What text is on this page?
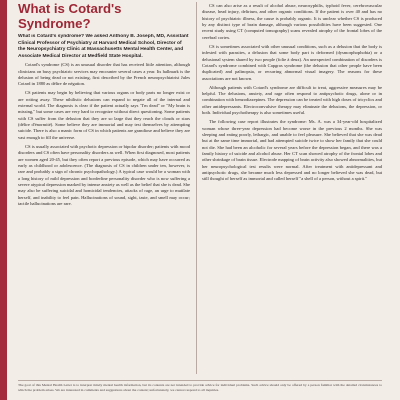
What is Cotard's Syndrome?

What is Cotard's syndrome? We asked Anthony B. Joseph, MD, Assistant Clinical Professor of Psychiatry at Harvard Medical School, Director of the Neuropsychiatry Clinic at Massachusetts Mental Health Center, and Associate Medical Director at Medfield State Hospital.

Cotard's syndrome (CS) is an unusual disorder that has received little attention, although clinicians on busy psychiatric services may encounter several cases a year. Its hallmark is the delusion of being dead or not existing, first described by the French neuropsychiatrist Jules Cotard in 1880 as délire de négation.

CS patients may begin by believing that various organs or body parts no longer exist or are rotting away. These nihilistic delusions can expand to negate all of the internal and external world. The diagnosis is clear if the patient actually says "I'm dead" or "My brain is missing," but some cases are very hard to recognize without direct questioning. Some patients with CS suffer from the delusion that they are so large that they reach the clouds or stars (délire d'énormité). Some believe they are immortal and may test themselves by attempting suicide. There is also a manic form of CS in which patients are grandiose and believe they are vast enough to fill the universe.

CS is usually associated with psychotic depression or bipolar disorder; patients with mood disorders and CS often have personality disorders as well. When first diagnosed, most patients are women aged 20-45, but they often report a previous episode, which may have occurred as early as childhood or adolescence. (The diagnosis of CS in children under ten, however, is rare and probably a sign of chronic psychopathology.) A typical case would be a woman with a long history of mild depression and borderline personality disorder who is now suffering a severe atypical depression marked by intense anxiety as well as the belief that she is dead. She may also be suffering suicidal and homicidal tendencies, attacks of rage, an urge to mutilate herself, and inability to feel pain. Hallucinations of sound, sight, taste, and smell may occur; tactile hallucinations are rare.

CS can also arise as a result of alcohol abuse, neurosyphilis, typhoid fever, cerebrovascular disease, head injury, delirium, and other organic conditions. If the patient is over 40 and has no history of psychiatric illness, the cause is probably organic. It is unclear whether CS is produced by any distinct type of brain damage, although various possibilities have been suggested. One recent study using CT (computed tomography) scans revealed atrophy of the frontal lobes of the cerebral cortex.

CS is sometimes associated with other unusual conditions, such as a delusion that the body is infested with parasites, a delusion that some body part is deformed (dysmorphophobia) or a delusional system shared by two people (folie à deux). An unexpected combination of disorders is Cotard's syndrome combined with Capgras syndrome (the delusion that other people have been duplicated) and palinopsia, or recurring abnormal visual imagery. The reasons for these associations are not known.

Although patients with Cotard's syndrome are difficult to treat, aggressive measures may be helpful. The delusions, anxiety, and rage often respond to antipsychotic drugs, alone or in combination with benzodiazepines. The depression can be treated with high doses of tricyclics and other antidepressants. Electroconvulsive therapy may eliminate the delusions, the depression, or both. Individual psychotherapy is also sometimes useful.

The following case report illustrates the syndrome: Ms. A. was a 34-year-old hospitalized woman whose three-year depression had become worse in the previous 2 months. She was sleeping and eating poorly, lethargic, and unable to feel pleasure. She believed that she was dead but at the same time immortal, and had attempted suicide twice to show her family that she could not die. She had been an alcoholic for several years before the depression began, and there was a family history of suicide and alcohol abuse. Her CT scan showed atrophy of the frontal lobes and other shrinkage of brain tissue. Electrode mapping of brain activity also showed abnormalities, but her neuropsychological test results were normal. After treatment with antidepressant and antipsychotic drugs, she became much less depressed and no longer believed she was dead, but still thought of herself as immortal and called herself "a shell of a person, without a spirit."

The goal of this Mental Health Letter is to interpret timely mental health information, but its contents are not intended to provide advice for individual problems. Such advice should only be offered by a person familiar with the detailed circumstances to which the problem arises. We are interested in comments and suggestions about the content; unfortunately, we cannot respond to all inquiries.
